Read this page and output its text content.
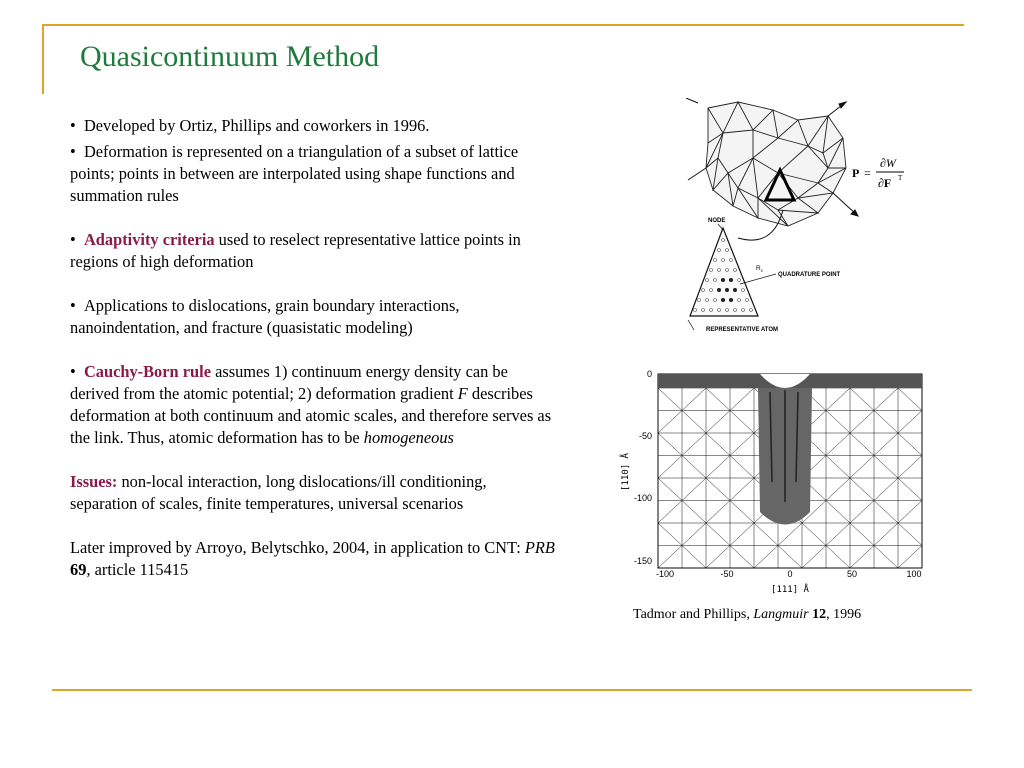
Quasicontinuum Method

•  Developed by Ortiz, Phillips and coworkers in 1996.

•  Deformation is represented on a triangulation of a subset of lattice points; points in between are interpolated using shape functions and summation rules

•  Adaptivity criteria used to reselect representative lattice points in regions of high deformation

•  Applications to dislocations, grain boundary interactions, nanoindentation, and fracture (quasistatic modeling)

•  Cauchy-Born rule assumes 1) continuum energy density can be derived from the atomic potential; 2) deformation gradient F describes deformation at both continuum and atomic scales, and therefore serves as the link. Thus, atomic deformation has to be homogeneous

Issues: non-local interaction, long dislocations/ill conditioning, separation of scales, finite temperatures, universal scenarios

Later improved by Arroyo, Belytschko, 2004, in application to CNT: PRB 69, article 115415

NODE
$R_c$
QUADRATURE POINT
REPRESENTATIVE ATOM
P =
∂W
∂F T
0
-50
-100
-150
-100	-50	0	50	100
[111] Å
[1̄10] Å
Tadmor and Phillips, Langmuir 12, 1996
